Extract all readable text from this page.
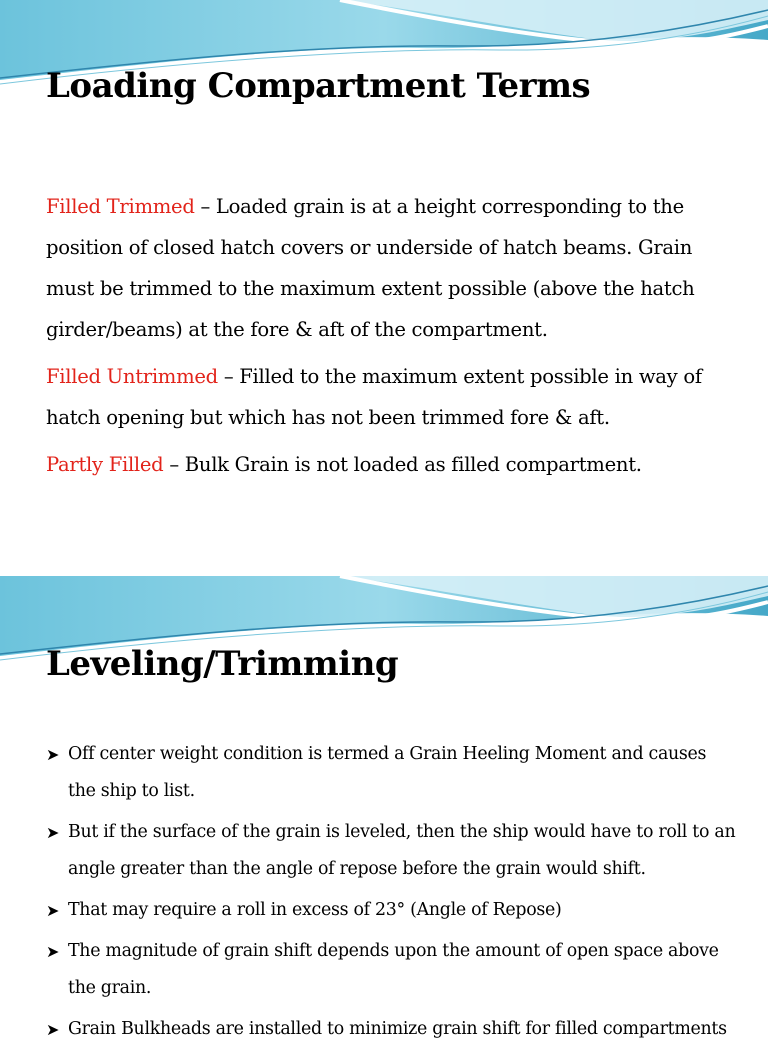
Loading Compartment Terms

Filled Trimmed – Loaded grain is at a height corresponding to the position of closed hatch covers or underside of hatch beams. Grain must be trimmed to the maximum extent possible (above the hatch girder/beams) at the fore & aft of the compartment.

Filled Untrimmed – Filled to the maximum extent possible in way of hatch opening but which has not been trimmed fore & aft.

Partly Filled – Bulk Grain is not loaded as filled compartment.

Leveling/Trimming
➤ Off center weight condition is termed a Grain Heeling Moment and causes the ship to list.
➤ But if the surface of the grain is leveled, then the ship would have to roll to an angle greater than the angle of repose before the grain would shift.
➤ That may require a roll in excess of 23° (Angle of Repose)
➤ The magnitude of grain shift depends upon the amount of open space above the grain.
➤ Grain Bulkheads are installed to minimize grain shift for filled compartments
